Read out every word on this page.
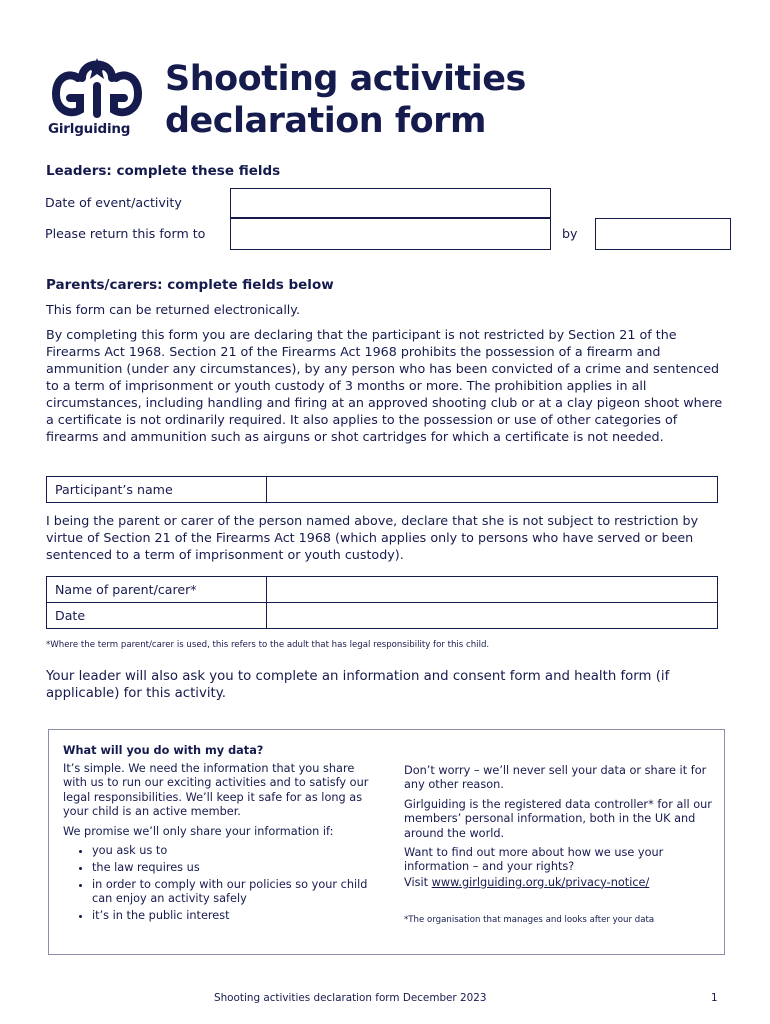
Girlguiding
Shooting activities
declaration form
Leaders: complete these fields
Date of event/activity
Please return this form to	by
Parents/carers: complete fields below
This form can be returned electronically.
By completing this form you are declaring that the participant is not restricted by Section 21 of the Firearms Act 1968. Section 21 of the Firearms Act 1968 prohibits the possession of a firearm and ammunition (under any circumstances), by any person who has been convicted of a crime and sentenced to a term of imprisonment or youth custody of 3 months or more. The prohibition applies in all circumstances, including handling and firing at an approved shooting club or at a clay pigeon shoot where a certificate is not ordinarily required. It also applies to the possession or use of other categories of firearms and ammunition such as airguns or shot cartridges for which a certificate is not needed.
Participant’s name	
I being the parent or carer of the person named above, declare that she is not subject to restriction by virtue of Section 21 of the Firearms Act 1968 (which applies only to persons who have served or been sentenced to a term of imprisonment or youth custody).
Name of parent/carer*	
Date	
*Where the term parent/carer is used, this refers to the adult that has legal responsibility for this child.
Your leader will also ask you to complete an information and consent form and health form (if applicable) for this activity.
What will you do with my data?

It’s simple. We need the information that you share with us to run our exciting activities and to satisfy our legal responsibilities. We’ll keep it safe for as long as your child is an active member.

We promise we’ll only share your information if:

• you ask us to
• the law requires us
• in order to comply with our policies so your child can enjoy an activity safely
• it’s in the public interest

Don’t worry – we’ll never sell your data or share it for any other reason.

Girlguiding is the registered data controller* for all our members’ personal information, both in the UK and around the world.

Want to find out more about how we use your information – and your rights?

Visit www.girlguiding.org.uk/privacy-notice/

*The organisation that manages and looks after your data
Shooting activities declaration form December 2023	1
